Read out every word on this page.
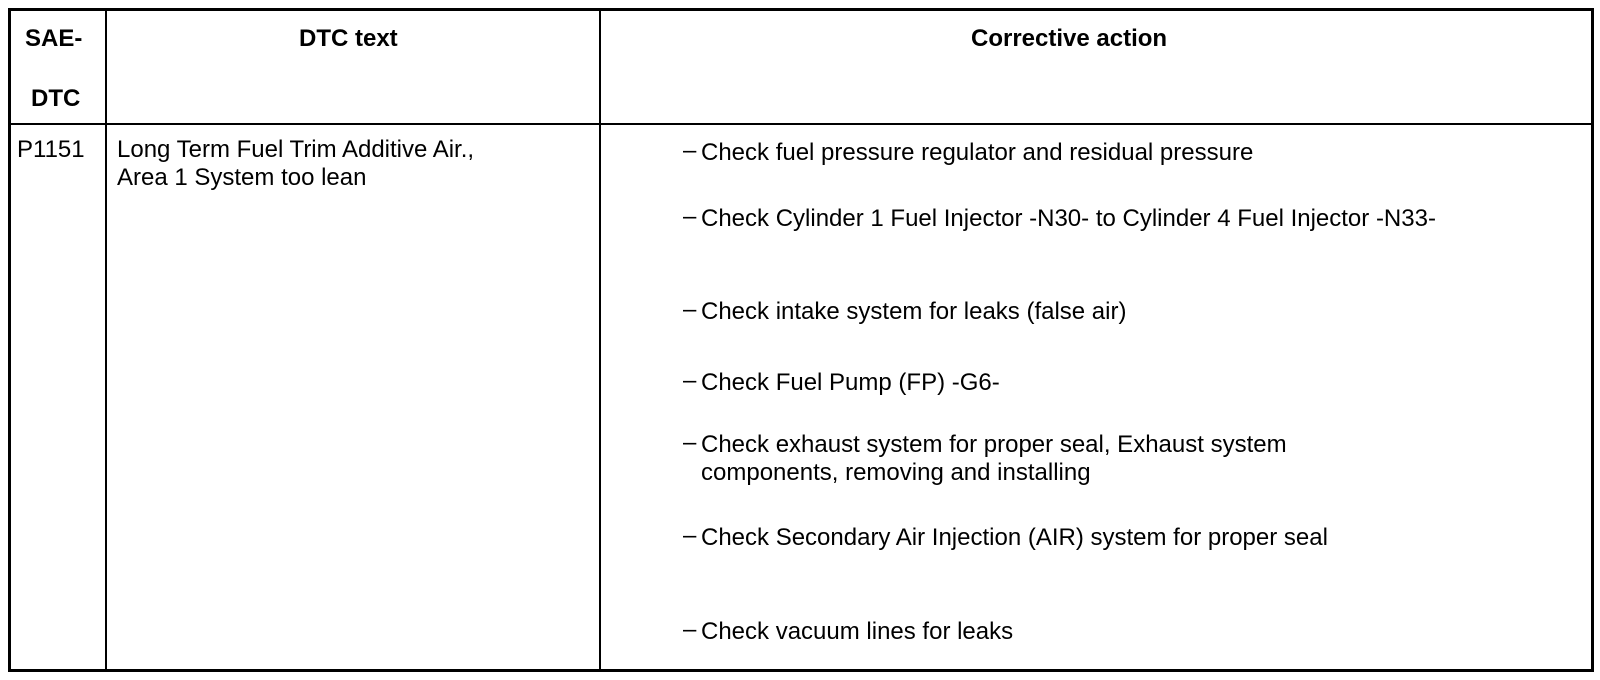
SAE-
DTC
DTC text	Corrective action
P1151 Long Term Fuel Trim Additive Air.,
Area 1 System too lean
– Check fuel pressure regulator and residual pressure
– Check Cylinder 1 Fuel Injector -N30- to Cylinder 4 Fuel Injector -N33-
– Check intake system for leaks (false air)
– Check Fuel Pump (FP) -G6-
– Check exhaust system for proper seal, Exhaust system
components, removing and installing
– Check Secondary Air Injection (AIR) system for proper seal
– Check vacuum lines for leaks
